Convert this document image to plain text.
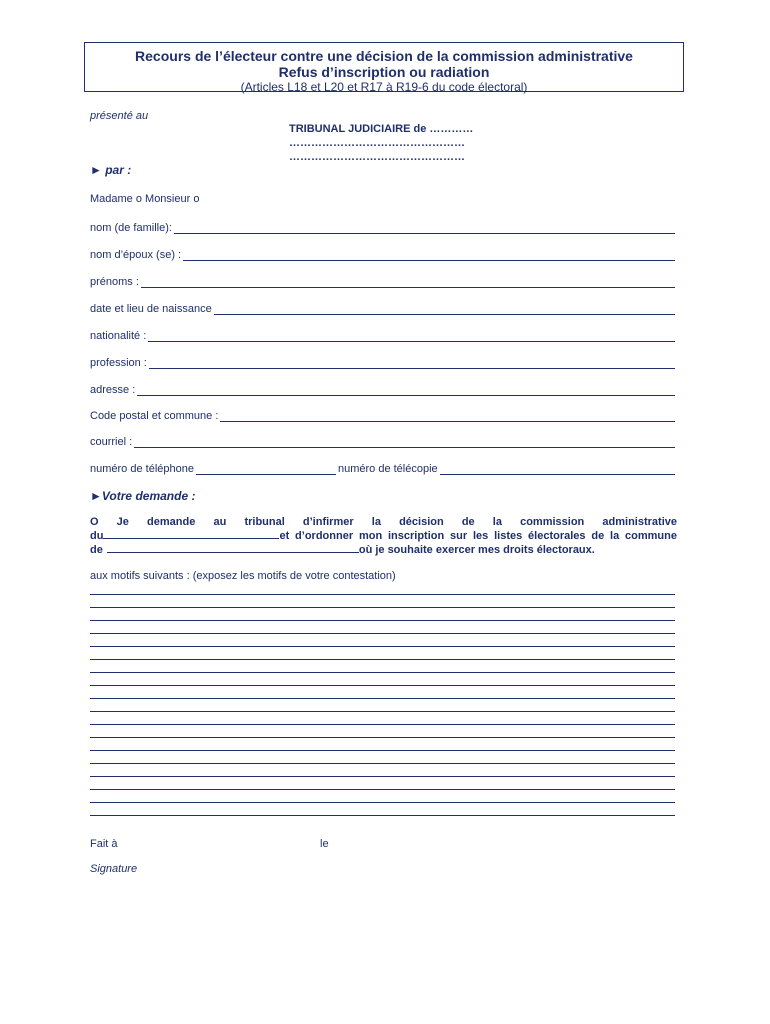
Recours de l’électeur contre une décision de la commission administrative
Refus d’inscription ou radiation
(Articles L18 et L20 et R17 à R19-6 du code électoral)
présenté au
TRIBUNAL JUDICIAIRE de …………
…………………………………………
…………………………………………
► par :
Madame o Monsieur o
nom (de famille):
nom d’époux (se) :
prénoms :
date et lieu de naissance
nationalité :
profession :
adresse :
Code postal et commune :
courriel :
numéro de téléphone	numéro de télécopie
►Votre demande :
O Je demande au tribunal d’infirmer la décision de la commission administrative
du	et d’ordonner mon inscription sur les listes électorales de la commune
de	où je souhaite exercer mes droits électoraux.
aux motifs suivants : (exposez les motifs de votre contestation)
Fait à	le
Signature
